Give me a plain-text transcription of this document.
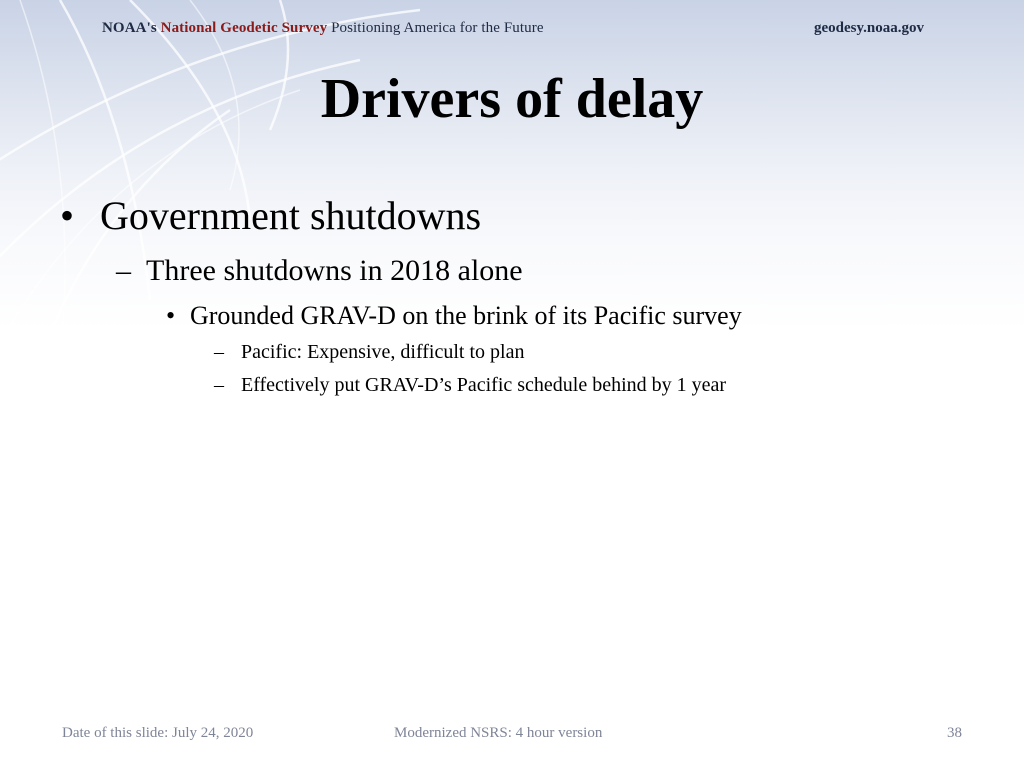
NOAA's National Geodetic Survey Positioning America for the Future	geodesy.noaa.gov
Drivers of delay
• Government shutdowns
– Three shutdowns in 2018 alone
• Grounded GRAV-D on the brink of its Pacific survey
– Pacific: Expensive, difficult to plan
– Effectively put GRAV-D’s Pacific schedule behind by 1 year
Date of this slide: July 24, 2020	Modernized NSRS: 4 hour version	38
